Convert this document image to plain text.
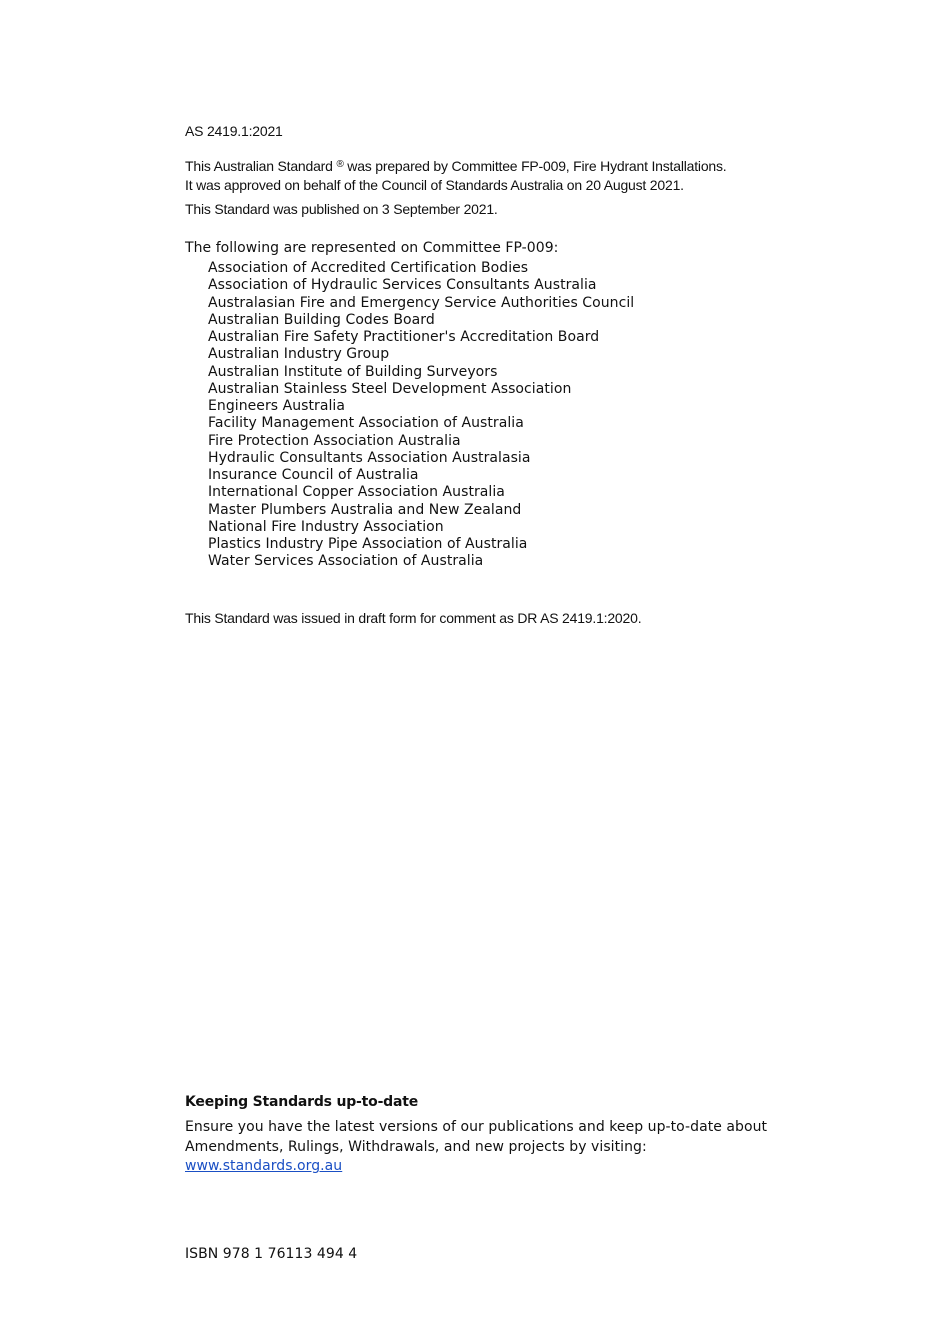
AS 2419.1:2021

This Australian Standard ® was prepared by Committee FP-009, Fire Hydrant Installations.
It was approved on behalf of the Council of Standards Australia on 20 August 2021.

This Standard was published on 3 September 2021.

The following are represented on Committee FP-009:

Association of Accredited Certification Bodies
Association of Hydraulic Services Consultants Australia
Australasian Fire and Emergency Service Authorities Council
Australian Building Codes Board
Australian Fire Safety Practitioner's Accreditation Board
Australian Industry Group
Australian Institute of Building Surveyors
Australian Stainless Steel Development Association
Engineers Australia
Facility Management Association of Australia
Fire Protection Association Australia
Hydraulic Consultants Association Australasia
Insurance Council of Australia
International Copper Association Australia
Master Plumbers Australia and New Zealand
National Fire Industry Association
Plastics Industry Pipe Association of Australia
Water Services Association of Australia

This Standard was issued in draft form for comment as DR AS 2419.1:2020.

Keeping Standards up-to-date

Ensure you have the latest versions of our publications and keep up-to-date about
Amendments, Rulings, Withdrawals, and new projects by visiting:
www.standards.org.au

ISBN 978 1 76113 494 4
